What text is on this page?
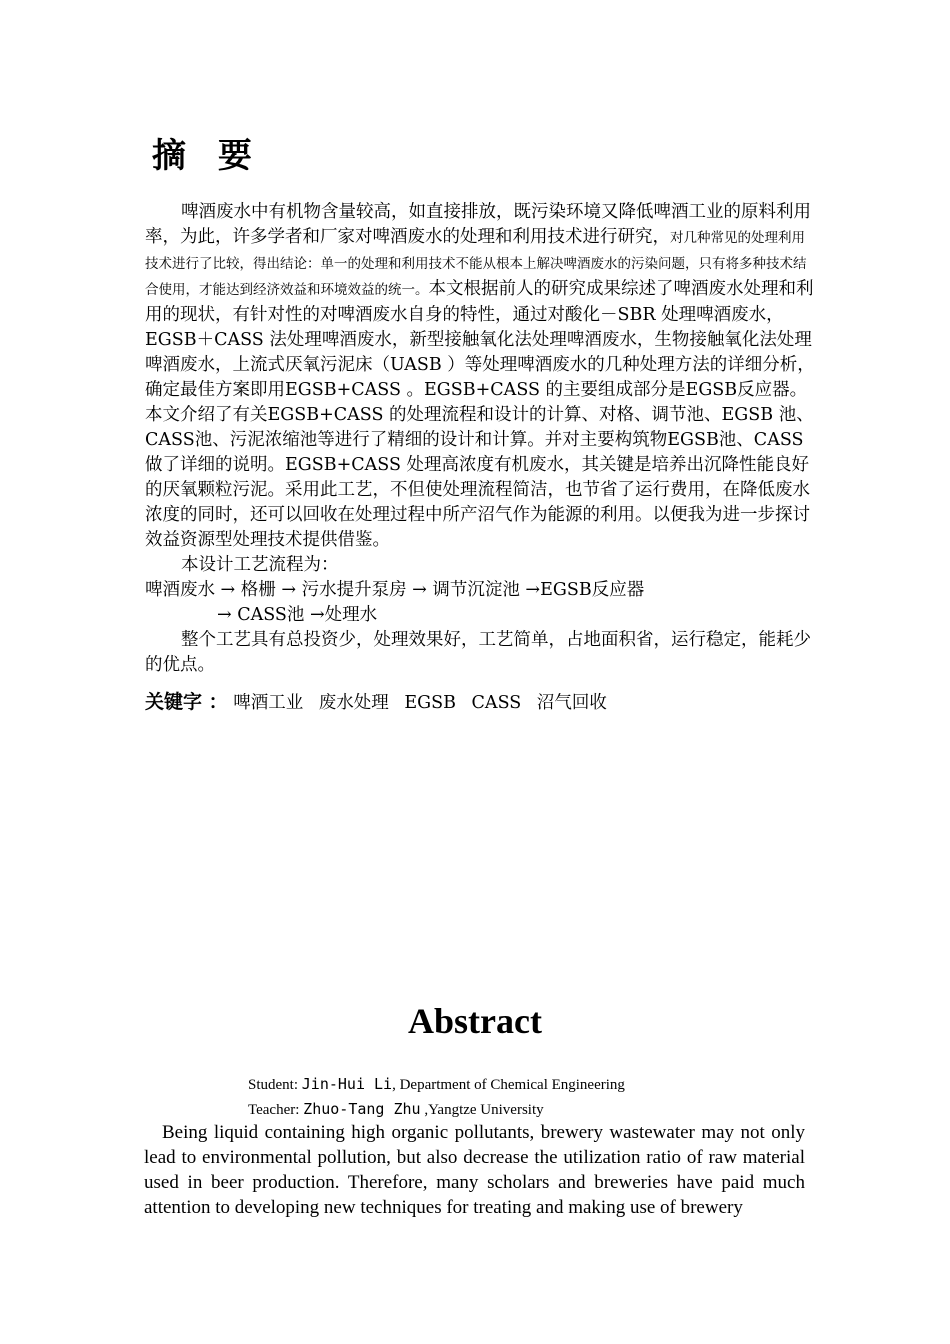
摘 要

啤酒废水中有机物含量较高，如直接排放，既污染环境又降低啤酒工业的原料利用率，为此，许多学者和厂家对啤酒废水的处理和利用技术进行研究，对几种常见的处理利用技术进行了比较，得出结论：单一的处理和利用技术不能从根本上解决啤酒废水的污染问题，只有将多种技术结合使用，才能达到经济效益和环境效益的统一。本文根据前人的研究成果综述了啤酒废水处理和利用的现状，有针对性的对啤酒废水自身的特性，通过对酸化－SBR 处理啤酒废水，EGSB＋CASS 法处理啤酒废水，新型接触氧化法处理啤酒废水，生物接触氧化法处理啤酒废水，上流式厌氧污泥床（UASB ）等处理啤酒废水的几种处理方法的详细分析，确定最佳方案即用EGSB+CASS 。EGSB+CASS 的主要组成部分是EGSB反应器。本文介绍了有关EGSB+CASS 的处理流程和设计的计算、对格、调节池、EGSB 池、CASS池、污泥浓缩池等进行了精细的设计和计算。并对主要构筑物EGSB池、CASS做了详细的说明。EGSB+CASS 处理高浓度有机废水，其关键是培养出沉降性能良好的厌氧颗粒污泥。采用此工艺，不但使处理流程简洁，也节省了运行费用，在降低废水浓度的同时，还可以回收在处理过程中所产沼气作为能源的利用。以便我为进一步探讨效益资源型处理技术提供借鉴。

本设计工艺流程为：

啤酒废水 → 格栅 → 污水提升泵房 → 调节沉淀池 →EGSB反应器

→ CASS池 →处理水

整个工艺具有总投资少，处理效果好，工艺简单，占地面积省，运行稳定，能耗少的优点。

关键字 ： 啤酒工业 废水处理 EGSB CASS 沼气回收
Abstract
Student: Jin-Hui Li, Department of Chemical Engineering
Teacher: Zhuo-Tang Zhu ,Yangtze University

Being liquid containing high organic pollutants, brewery wastewater may not only lead to environmental pollution, but also decrease the utilization ratio of raw material used in beer production. Therefore, many scholars and breweries have paid much attention to developing new techniques for treating and making use of brewery
